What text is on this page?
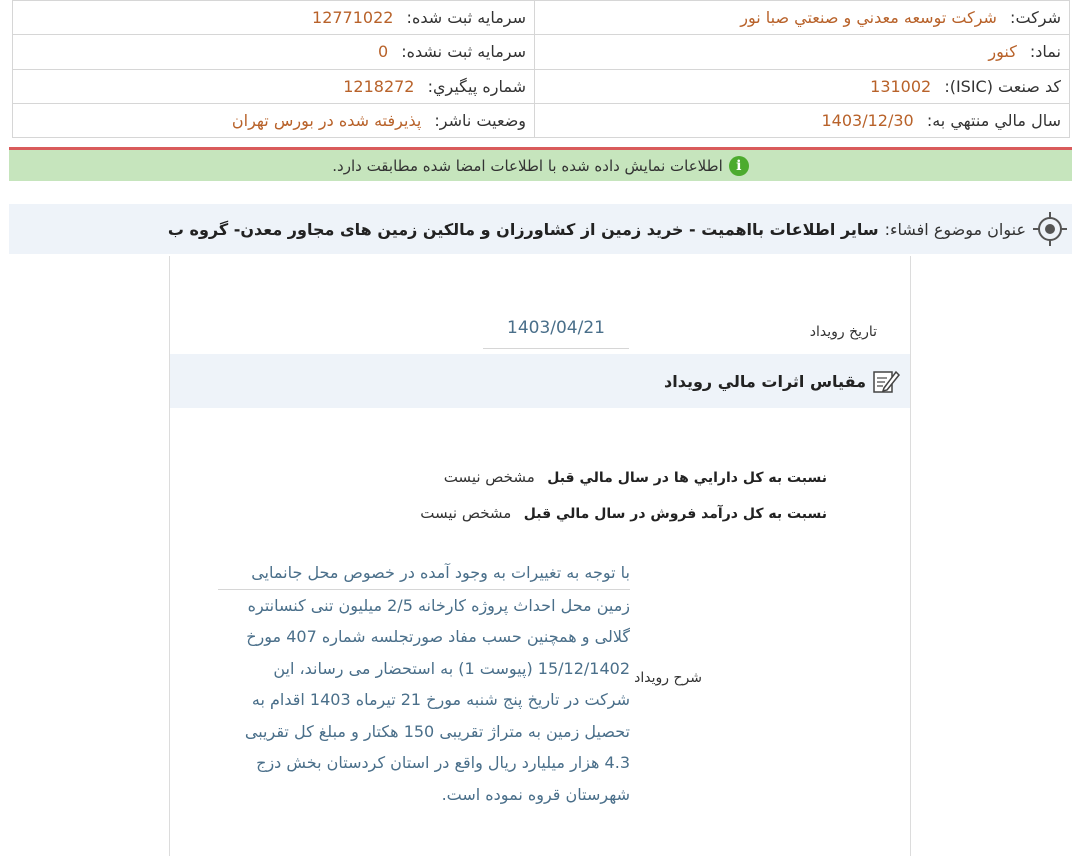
شرکت: شرکت توسعه معدني و صنعتي صبا نور	سرمايه ثبت شده: 12771022
نماد: کنور	سرمايه ثبت نشده: 0
کد صنعت (ISIC): 131002	شماره پيگيري: 1218272
سال مالي منتهي به: 1403/12/30	وضعيت ناشر: پذيرفته شده در بورس تهران
i
اطلاعات نمايش داده شده با اطلاعات امضا شده مطابقت دارد.
عنوان موضوع افشاء:
ساير اطلاعات بااهميت - خريد زمين از کشاورزان و مالکين زمين های مجاور معدن- گروه ب
تاريخ رويداد
1403/04/21
مقياس اثرات مالي رويداد
نسبت به کل دارايي ها در سال مالي قبل مشخص نيست
نسبت به کل درآمد فروش در سال مالي قبل مشخص نيست
شرح رويداد
با توجه به تغييرات به وجود آمده در خصوص محل جانمايی
زمين محل احداث پروژه کارخانه 2/5 ميليون تنی کنسانتره
گلالی و همچنين حسب مفاد صورتجلسه شماره 407 مورخ
15/12/1402 (پيوست 1) به استحضار می رساند، اين
شرکت در تاريخ پنج شنبه مورخ 21 تيرماه 1403 اقدام به
تحصيل زمين به متراژ تقريبی 150 هکتار و مبلغ کل تقريبی
4.3 هزار ميليارد ريال واقع در استان کردستان بخش دزج
شهرستان قروه نموده است.
